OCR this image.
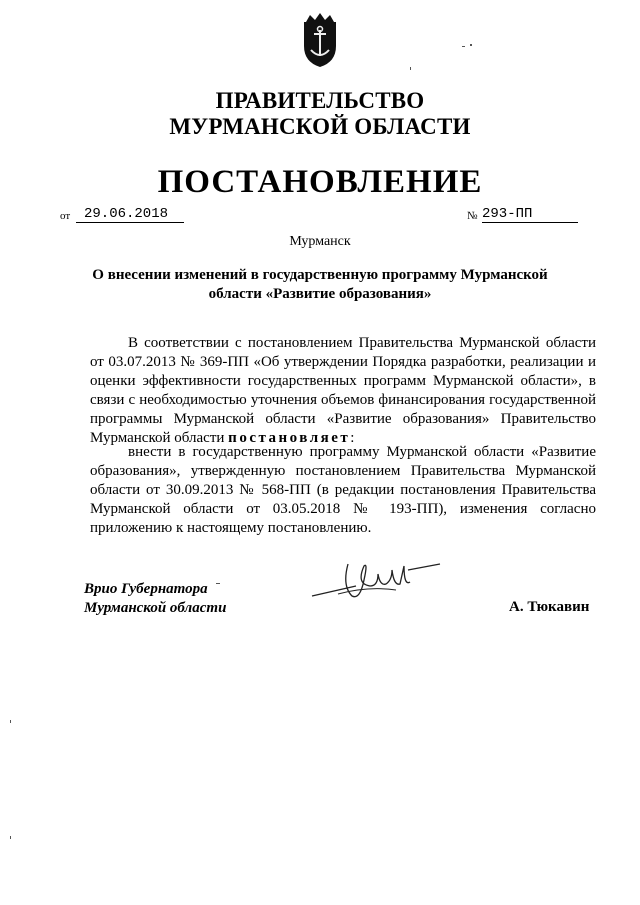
ПРАВИТЕЛЬСТВО
МУРМАНСКОЙ ОБЛАСТИ
ПОСТАНОВЛЕНИЕ
от 29.06.2018	№ 293-ПП
Мурманск
О внесении изменений в государственную программу Мурманской области «Развитие образования»
В соответствии с постановлением Правительства Мурманской области от 03.07.2013 № 369-ПП «Об утверждении Порядка разработки, реализации и оценки эффективности государственных программ Мурманской области», в связи с необходимостью уточнения объемов финансирования государственной программы Мурманской области «Развитие образования» Правительство Мурманской области постановляет:
внести в государственную программу Мурманской области «Развитие образования», утвержденную постановлением Правительства Мурманской области от 30.09.2013 № 568-ПП (в редакции постановления Правительства Мурманской области от 03.05.2018 № 193-ПП), изменения согласно приложению к настоящему постановлению.
Врио Губернатора
Мурманской области	А. Тюкавин
